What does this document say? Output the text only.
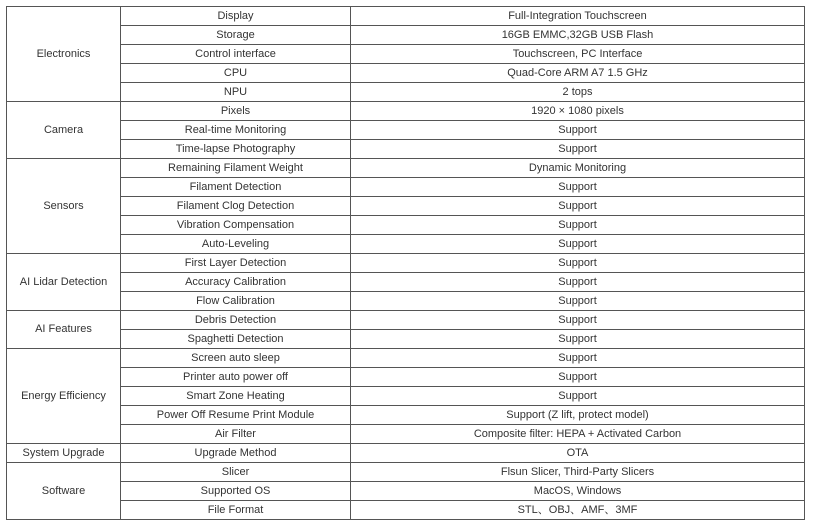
Electronics	Display	Full-Integration Touchscreen
	Storage	16GB EMMC,32GB USB Flash
	Control interface	Touchscreen, PC Interface
	CPU	Quad-Core ARM A7 1.5 GHz
	NPU	2 tops
Camera	Pixels	1920 × 1080 pixels
	Real-time Monitoring	Support
	Time-lapse Photography	Support
Sensors	Remaining Filament Weight	Dynamic Monitoring
	Filament Detection	Support
	Filament Clog Detection	Support
	Vibration Compensation	Support
	Auto-Leveling	Support
AI Lidar Detection	First Layer Detection	Support
	Accuracy Calibration	Support
	Flow Calibration	Support
AI Features	Debris Detection	Support
	Spaghetti Detection	Support
Energy Efficiency	Screen auto sleep	Support
	Printer auto power off	Support
	Smart Zone Heating	Support
	Power Off Resume Print Module	Support (Z lift, protect model)
	Air Filter	Composite filter: HEPA + Activated Carbon
System Upgrade	Upgrade Method	OTA
Software	Slicer	Flsun Slicer, Third-Party Slicers
	Supported OS	MacOS, Windows
	File Format	STL、OBJ、AMF、3MF
